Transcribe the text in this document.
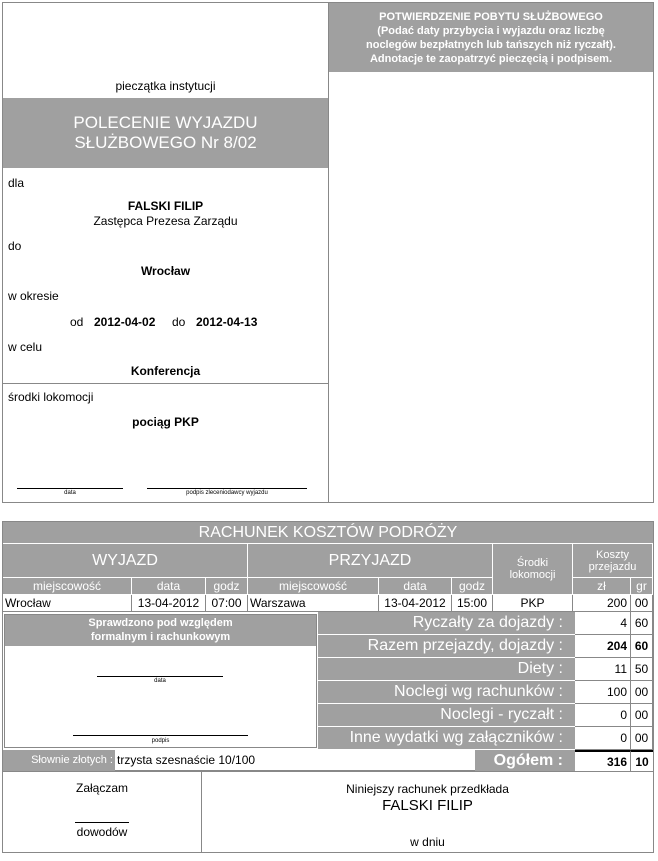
pieczątka instytucji
POLECENIE WYJAZDU
SŁUŻBOWEGO Nr 8/02
dla
FALSKI FILIP
Zastępca Prezesa Zarządu
do
Wrocław
w okresie
od 2012-04-02 do 2012-04-13
w celu
Konferencja
środki lokomocji
pociąg PKP
data	podpis zleceniodawcy wyjazdu
POTWIERDZENIE POBYTU SŁUŻBOWEGO
(Podać daty przybycia i wyjazdu oraz liczbę
noclegów bezpłatnych lub tańszych niż ryczałt).
Adnotacje te zaopatrzyć pieczęcią i podpisem.
RACHUNEK KOSZTÓW PODRÓŻY
WYJAZD	PRZYJAZD	Środki lokomocji
Koszty przejazdu
miejscowość	data	godz	miejscowość	data	godz	zł	gr
Wrocław	13-04-2012	07:00 Warszawa	13-04-2012 15:00	PKP	200 00
Sprawdzono pod względem
formalnym i rachunkowym
data
podpis
Ryczałty za dojazdy :	4 60
Razem przejazdy, dojazdy :	204 60
Diety :	11 50
Noclegi wg rachunków :	100 00
Noclegi - ryczałt :	0 00
Inne wydatki wg załączników :	0 00
Słownie złotych : trzysta szesnaście 10/100	Ogółem :	316 10
Załączam
dowodów
Niniejszy rachunek przedkłada
FALSKI FILIP
w dniu
